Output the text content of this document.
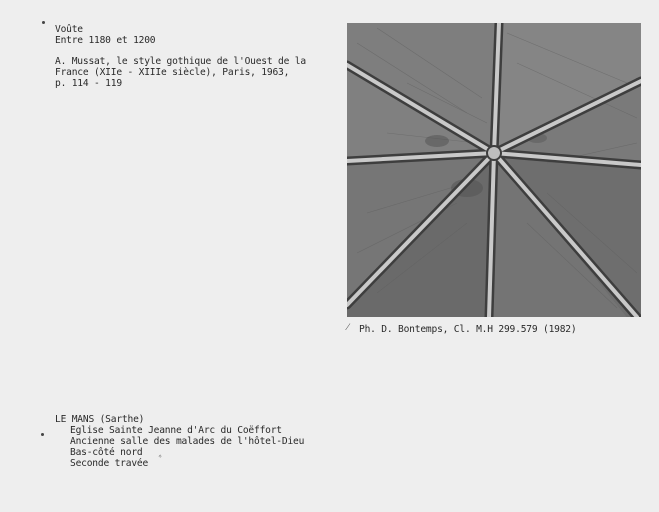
Voûte
Entre 1180 et 1200
A. Mussat, le style gothique de l'Ouest de la
France (XIIe - XIIIe siècle), Paris, 1963,
p. 114 - 119
⁄ Ph. D. Bontemps, Cl. M.H 299.579 (1982)
LE MANS (Sarthe)
Eglise Sainte Jeanne d'Arc du Coëffort
Ancienne salle des malades de l'hôtel-Dieu
Bas-côté nord
Seconde travée
✧
